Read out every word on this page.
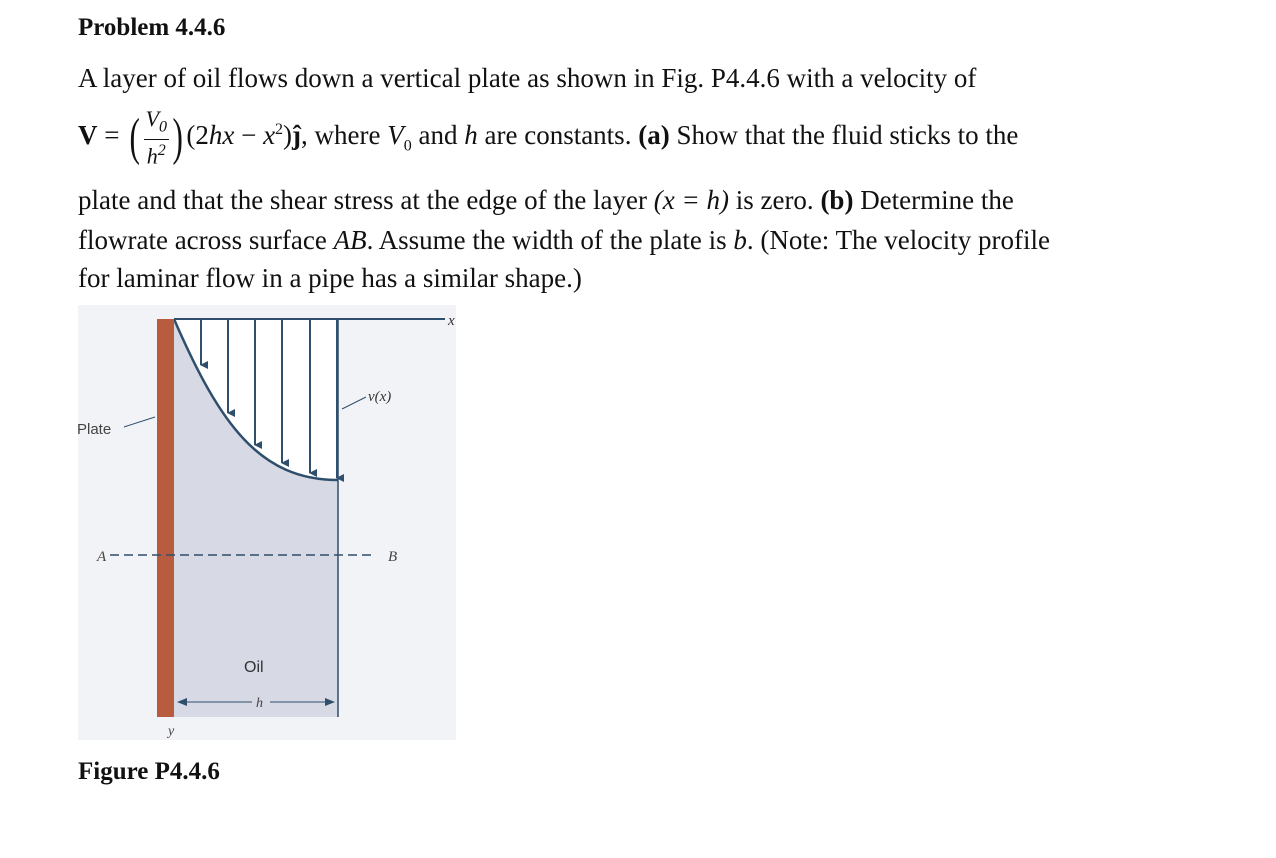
Problem 4.4.6

A layer of oil flows down a vertical plate as shown in Fig. P4.4.6 with a velocity of

V = ( $\frac{V_0}{h^2}$ ) $(2hx - x^2)ĵ$, where $V_0$ and h are constants. (a) Show that the fluid sticks to the

plate and that the shear stress at the edge of the layer (x = h) is zero. (b) Determine the

flowrate across surface AB. Assume the width of the plate is b. (Note: The velocity profile

for laminar flow in a pipe has a similar shape.)

x
v(x)
Plate
A	B
Oil
h
y
Figure P4.4.6
